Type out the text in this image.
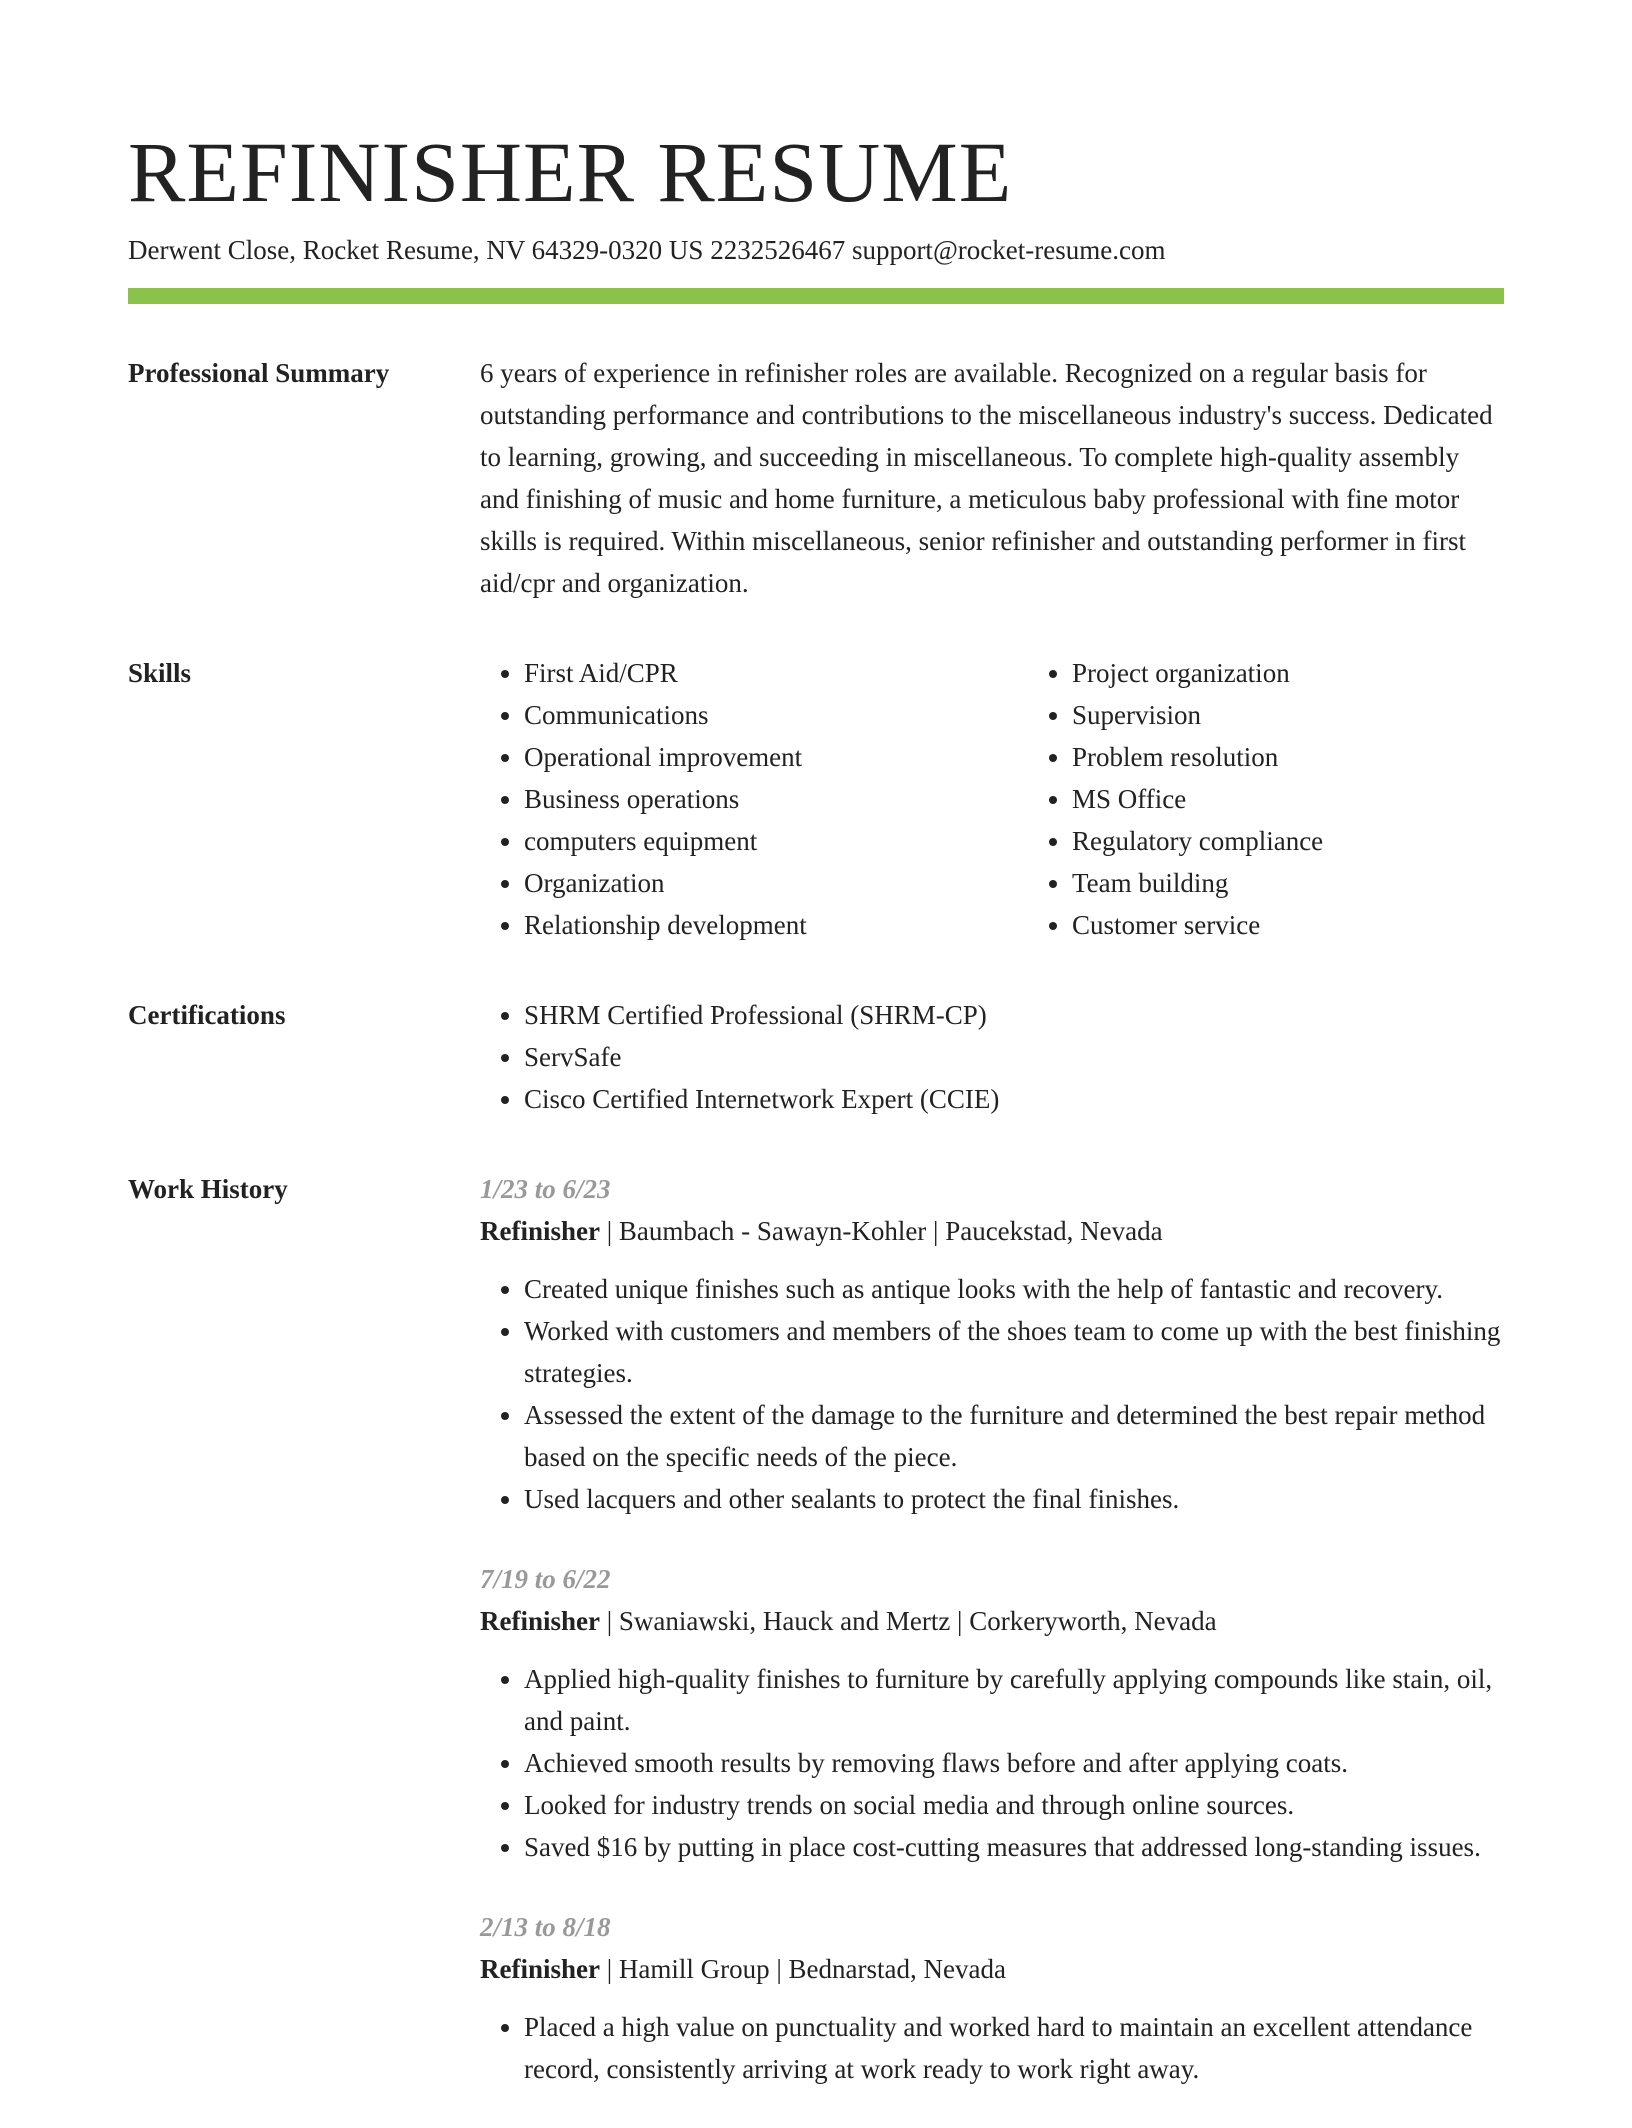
REFINISHER RESUME
Derwent Close, Rocket Resume, NV 64329-0320 US 2232526467 support@rocket-resume.com
Professional Summary	6 years of experience in refinisher roles are available. Recognized on a regular basis for outstanding performance and contributions to the miscellaneous industry's success. Dedicated to learning, growing, and succeeding in miscellaneous. To complete high-quality assembly and finishing of music and home furniture, a meticulous baby professional with fine motor skills is required. Within miscellaneous, senior refinisher and outstanding performer in first aid/cpr and organization.

Skills	• First Aid/CPR
• Communications
• Operational improvement
• Business operations
• computers equipment
• Organization
• Relationship development
• Project organization
• Supervision
• Problem resolution
• MS Office
• Regulatory compliance
• Team building
• Customer service
Certifications	• SHRM Certified Professional (SHRM-CP)
• ServSafe
• Cisco Certified Internetwork Expert (CCIE)
Work History	1/23 to 6/23
Refinisher | Baumbach - Sawayn-Kohler | Paucekstad, Nevada
• Created unique finishes such as antique looks with the help of fantastic and recovery.
• Worked with customers and members of the shoes team to come up with the best finishing strategies.
• Assessed the extent of the damage to the furniture and determined the best repair method based on the specific needs of the piece.
• Used lacquers and other sealants to protect the final finishes.
7/19 to 6/22
Refinisher | Swaniawski, Hauck and Mertz | Corkeryworth, Nevada
• Applied high-quality finishes to furniture by carefully applying compounds like stain, oil, and paint.
• Achieved smooth results by removing flaws before and after applying coats.
• Looked for industry trends on social media and through online sources.
• Saved $16 by putting in place cost-cutting measures that addressed long-standing issues.
2/13 to 8/18
Refinisher | Hamill Group | Bednarstad, Nevada
• Placed a high value on punctuality and worked hard to maintain an excellent attendance record, consistently arriving at work ready to work right away.
